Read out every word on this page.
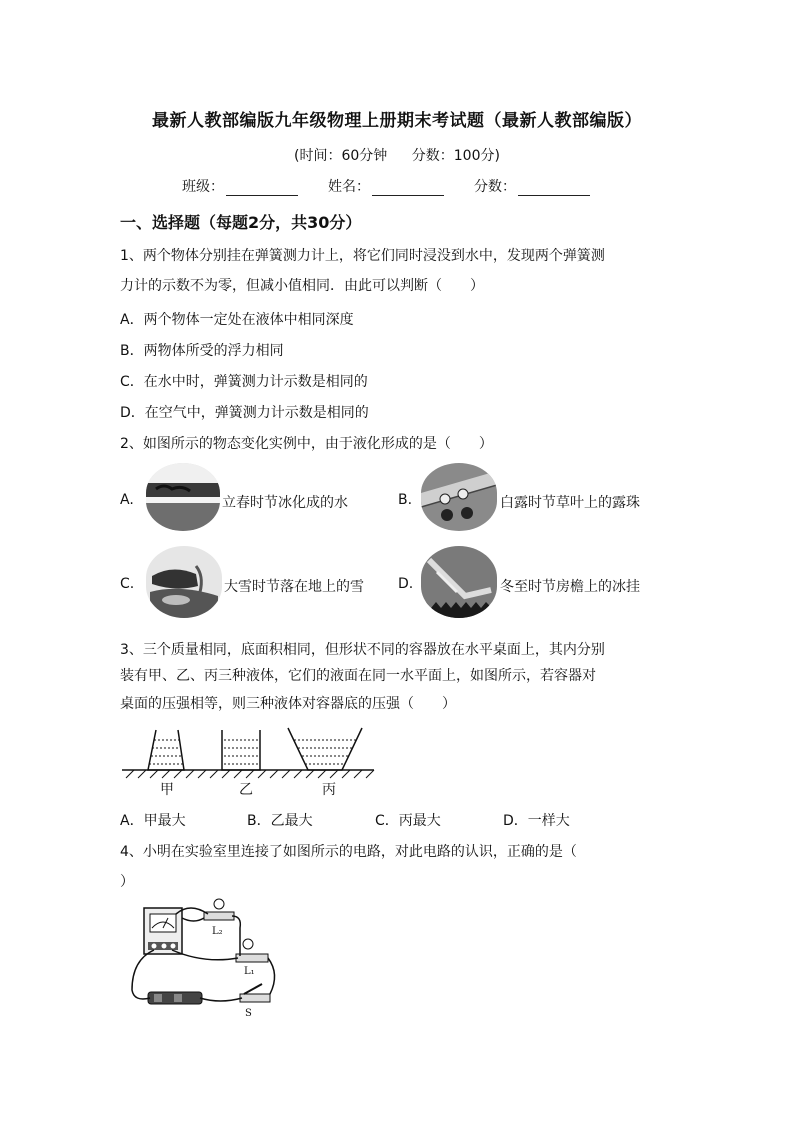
最新人教部编版九年级物理上册期末考试题（最新人教部编版）
(时间：60分钟 分数：100分)
班级：	姓名：	分数：
一、选择题（每题2分，共30分）
1、两个物体分别挂在弹簧测力计上，将它们同时浸没到水中，发现两个弹簧测
力计的示数不为零，但减小值相同．由此可以判断（　　）
A．两个物体一定处在液体中相同深度
B．两物体所受的浮力相同
C．在水中时，弹簧测力计示数是相同的
D．在空气中，弹簧测力计示数是相同的
2、如图所示的物态变化实例中，由于液化形成的是（　　）
A.	立春时节冰化成的水	B.	白露时节草叶上的露珠
C.	大雪时节落在地上的雪 D.	冬至时节房檐上的冰挂
3、三个质量相同，底面积相同，但形状不同的容器放在水平桌面上，其内分别
装有甲、乙、丙三种液体，它们的液面在同一水平面上，如图所示，若容器对
桌面的压强相等，则三种液体对容器底的压强（　　）
甲	乙	丙
A．甲最大	B．乙最大	C．丙最大	D．一样大
4、小明在实验室里连接了如图所示的电路，对此电路的认识，正确的是（
）
L₂
L₁
S
